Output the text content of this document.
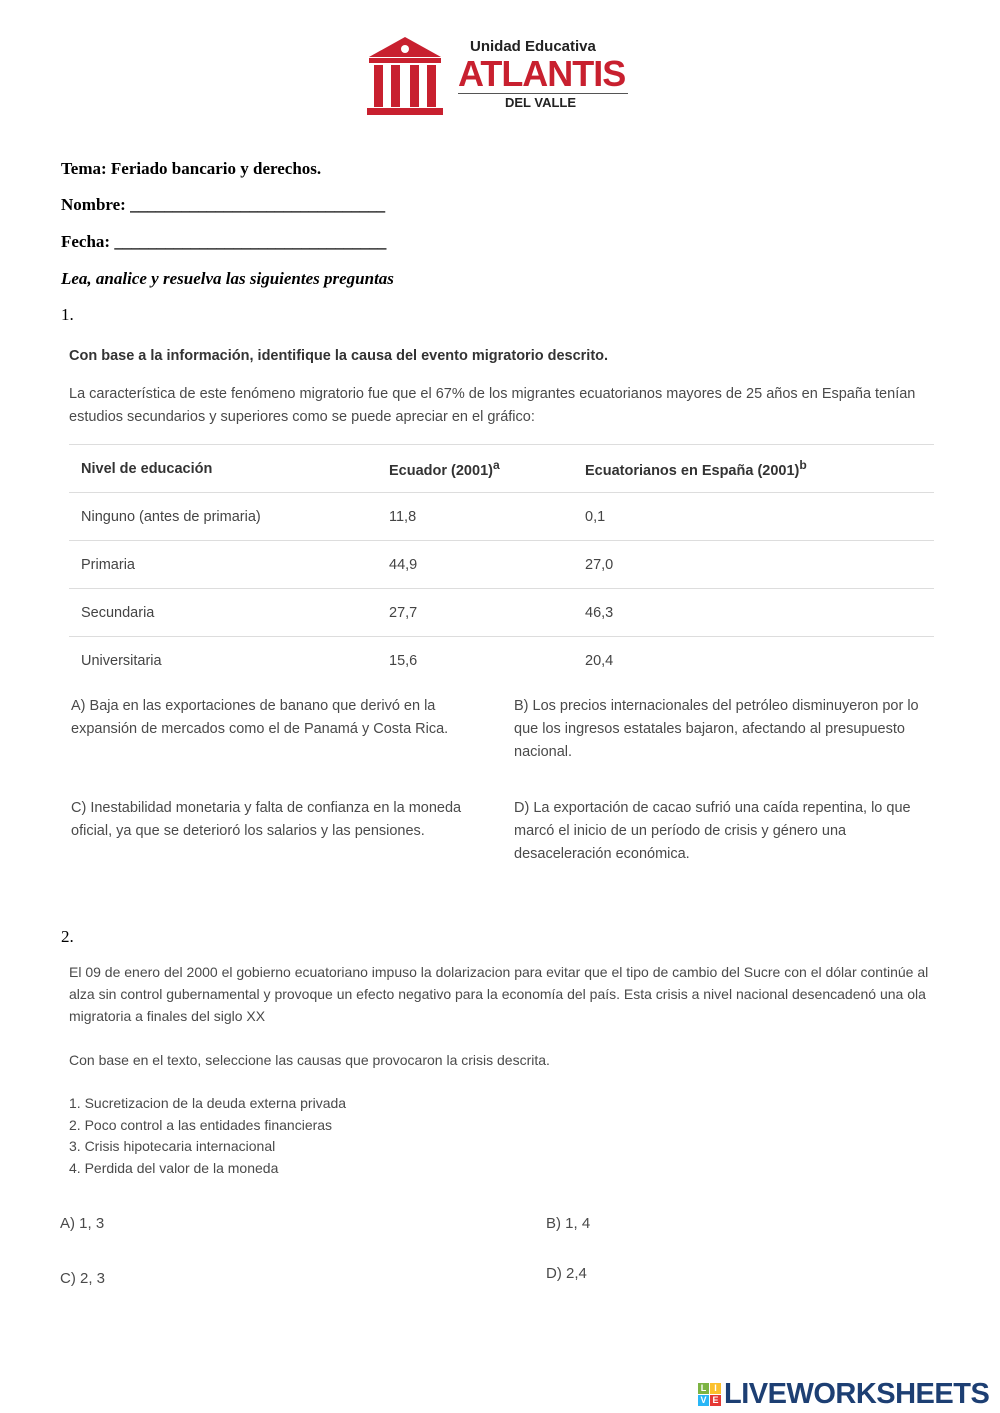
Unidad Educativa
ATLANTIS
DEL VALLE
Tema: Feriado bancario y derechos.
Nombre: ______________________________
Fecha: ________________________________
Lea, analice y resuelva las siguientes preguntas
1.
Con base a la información, identifique la causa del evento migratorio descrito.
La característica de este fenómeno migratorio fue que el 67% de los migrantes ecuatorianos mayores de 25 años en España tenían estudios secundarios y superiores como se puede apreciar en el gráfico:
Nivel de educación	Ecuador $(2001)^a$	Ecuatorianos en España $(2001)^b$
Ninguno (antes de primaria)	11,8	0,1
Primaria	44,9	27,0
Secundaria	27,7	46,3
Universitaria	15,6	20,4
A) Baja en las exportaciones de banano que derivó en la expansión de mercados como el de Panamá y Costa Rica.
B) Los precios internacionales del petróleo disminuyeron por lo que los ingresos estatales bajaron, afectando al presupuesto nacional.
C) Inestabilidad monetaria y falta de confianza en la moneda oficial, ya que se deterioró los salarios y las pensiones.
D) La exportación de cacao sufrió una caída repentina, lo que marcó el inicio de un período de crisis y género una desaceleración económica.
2.
El 09 de enero del 2000 el gobierno ecuatoriano impuso la dolarizacion para evitar que el tipo de cambio del Sucre con el dólar continúe al alza sin control gubernamental y provoque un efecto negativo para la economía del país. Esta crisis a nivel nacional desencadenó una ola migratoria a finales del siglo XX
Con base en el texto, seleccione las causas que provocaron la crisis descrita.
1. Sucretizacion de la deuda externa privada
2. Poco control a las entidades financieras
3. Crisis hipotecaria internacional
4. Perdida del valor de la moneda
A) 1, 3	B) 1, 4
C) 2, 3	D) 2,4
L I
V E LIVEWORKSHEETS
